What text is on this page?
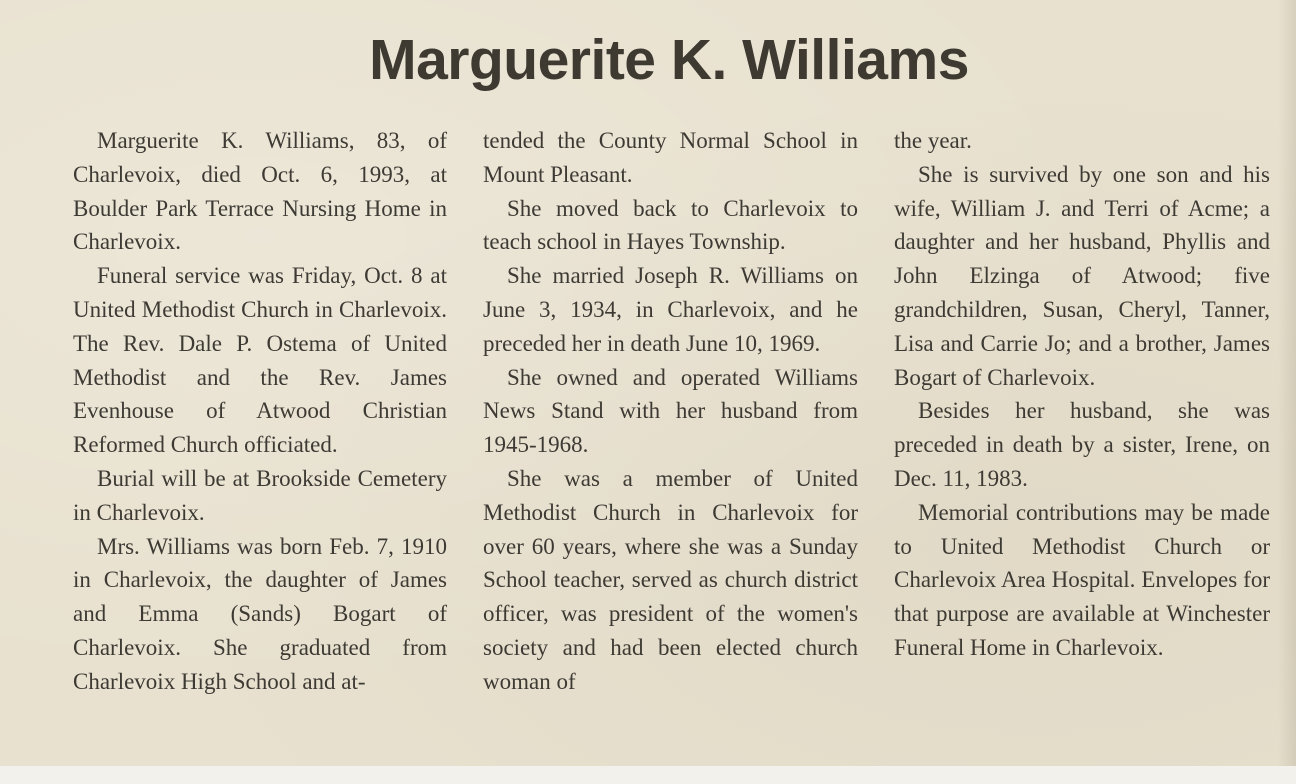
Marguerite K. Williams

Marguerite K. Williams, 83, of Charlevoix, died Oct. 6, 1993, at Boulder Park Terrace Nursing Home in Charlevoix.

Funeral service was Friday, Oct. 8 at United Methodist Church in Charlevoix. The Rev. Dale P. Ostema of United Methodist and the Rev. James Evenhouse of Atwood Christian Reformed Church officiated.

Burial will be at Brookside Cemetery in Charlevoix.

Mrs. Williams was born Feb. 7, 1910 in Charlevoix, the daughter of James and Emma (Sands) Bogart of Charlevoix. She graduated from Charlevoix High School and at-

tended the County Normal School in Mount Pleasant.

She moved back to Charlevoix to teach school in Hayes Township.

She married Joseph R. Williams on June 3, 1934, in Charlevoix, and he preceded her in death June 10, 1969.

She owned and operated Williams News Stand with her husband from 1945-1968.

She was a member of United Methodist Church in Charlevoix for over 60 years, where she was a Sunday School teacher, served as church district officer, was president of the women's society and had been elected church woman of

the year.

She is survived by one son and his wife, William J. and Terri of Acme; a daughter and her husband, Phyllis and John Elzinga of Atwood; five grandchildren, Susan, Cheryl, Tanner, Lisa and Carrie Jo; and a brother, James Bogart of Charlevoix.

Besides her husband, she was preceded in death by a sister, Irene, on Dec. 11, 1983.

Memorial contributions may be made to United Methodist Church or Charlevoix Area Hospital. Envelopes for that purpose are available at Winchester Funeral Home in Charlevoix.
